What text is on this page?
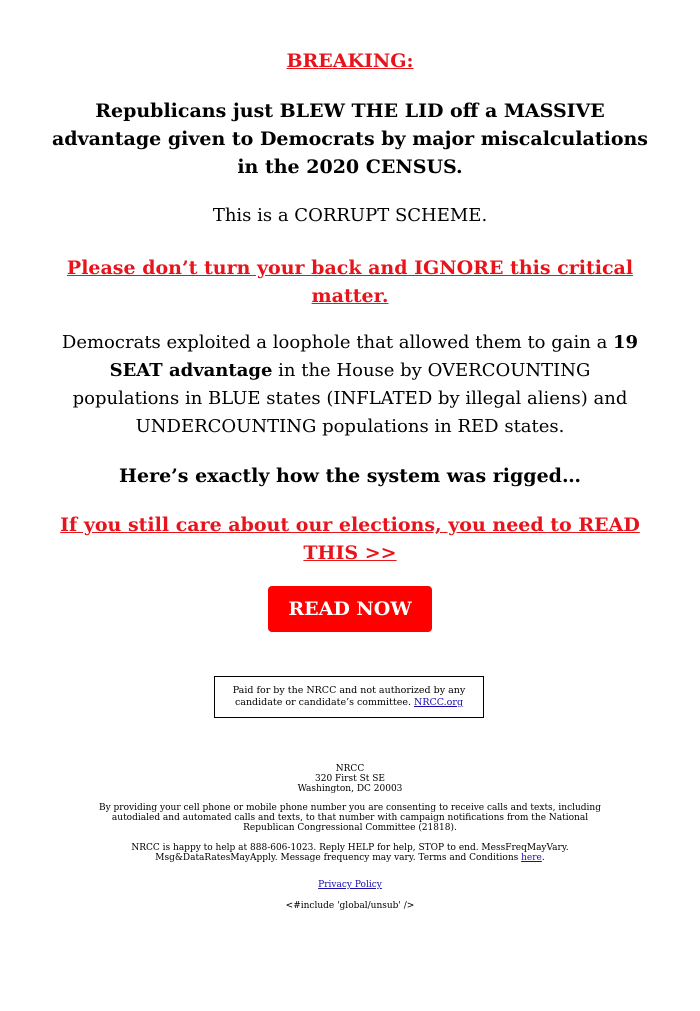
BREAKING:

Republicans just BLEW THE LID off a MASSIVE advantage given to Democrats by major miscalculations in the 2020 CENSUS.

This is a CORRUPT SCHEME.

Please don’t turn your back and IGNORE this critical matter.

Democrats exploited a loophole that allowed them to gain a 19 SEAT advantage in the House by OVERCOUNTING populations in BLUE states (INFLATED by illegal aliens) and UNDERCOUNTING populations in RED states.

Here’s exactly how the system was rigged…

If you still care about our elections, you need to READ THIS >>

READ NOW
Paid for by the NRCC and not authorized by any candidate or candidate’s committee. NRCC.org
NRCC
320 First St SE
Washington, DC 20003

By providing your cell phone or mobile phone number you are consenting to receive calls and texts, including autodialed and automated calls and texts, to that number with campaign notifications from the National Republican Congressional Committee (21818).

NRCC is happy to help at 888-606-1023. Reply HELP for help, STOP to end. MessFreqMayVary. Msg&DataRatesMayApply. Message frequency may vary. Terms and Conditions here.

Privacy Policy

<#include 'global/unsub' />
